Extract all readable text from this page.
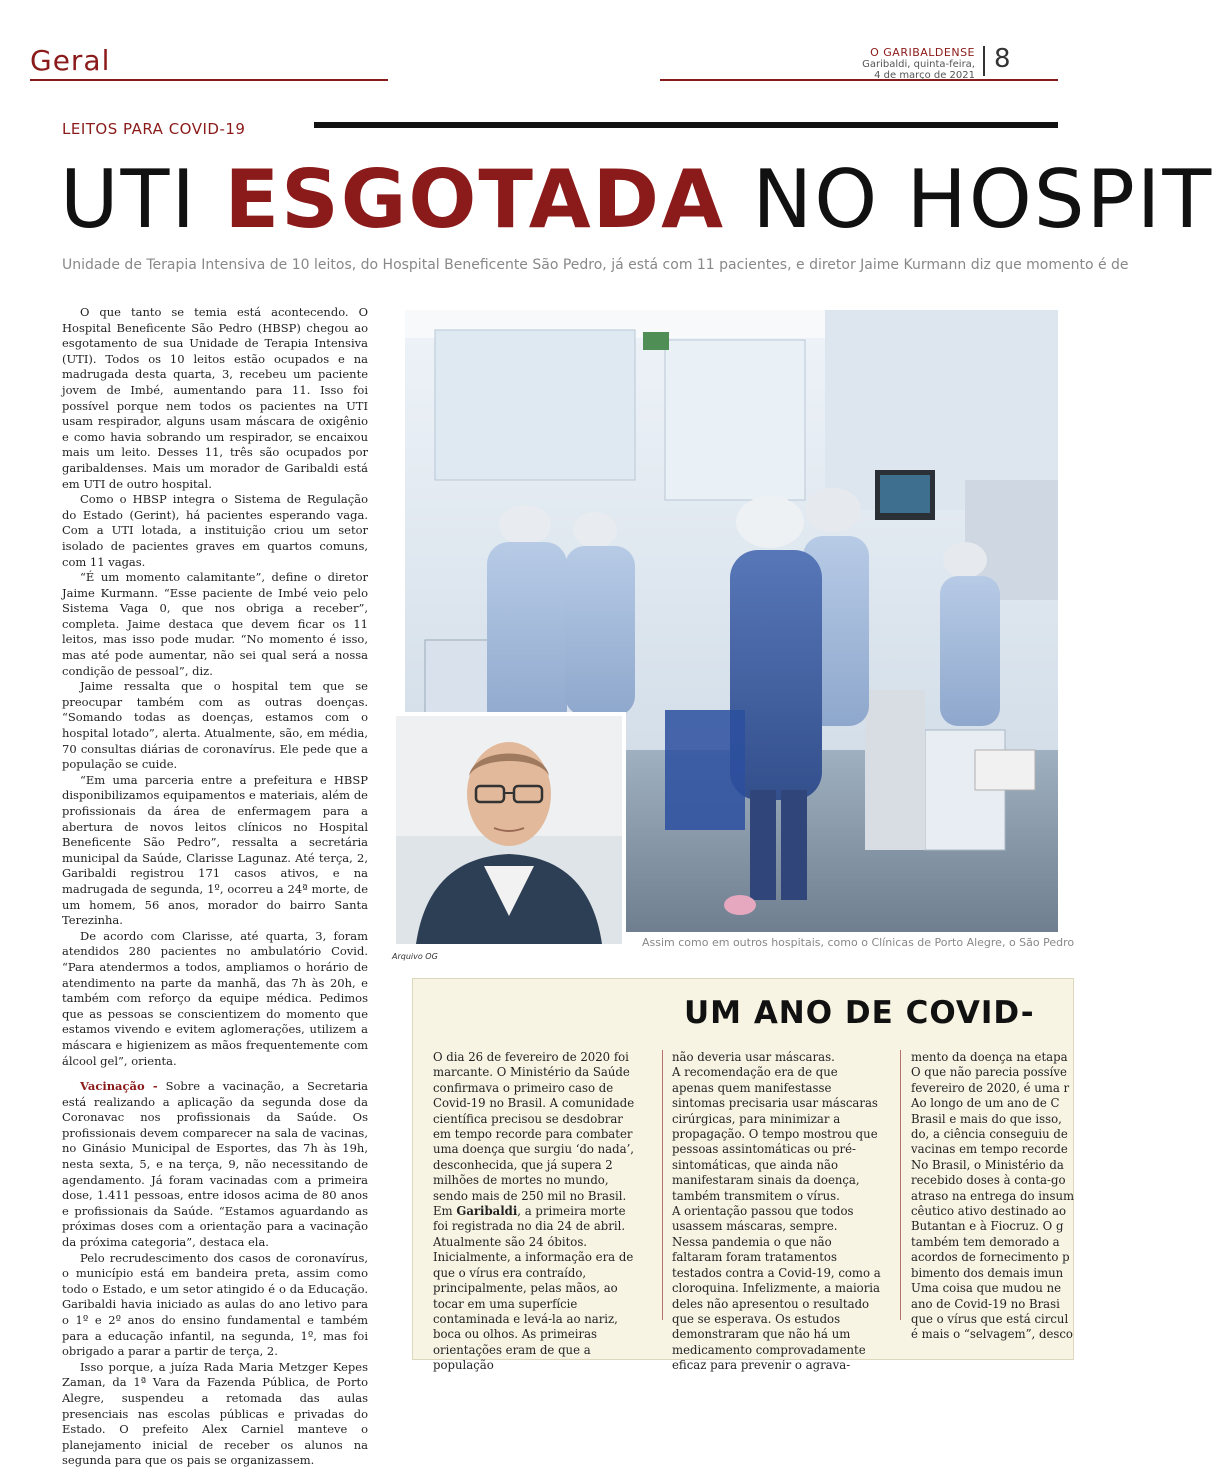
Geral	O GARIBALDENSE
Garibaldi, quinta-feira,
4 de março de 2021
8
LEITOS PARA COVID-19
UTI ESGOTADA NO HOSPIT
Unidade de Terapia Intensiva de 10 leitos, do Hospital Beneficente São Pedro, já está com 11 pacientes, e diretor Jaime Kurmann diz que momento é de

O que tanto se temia está acontecendo. O Hospital Beneficente São Pedro (HBSP) chegou ao esgotamento de sua Unidade de Terapia Intensiva (UTI). Todos os 10 leitos estão ocupados e na madrugada desta quarta, 3, recebeu um paciente jovem de Imbé, aumentando para 11. Isso foi possível porque nem todos os pacientes na UTI usam respirador, alguns usam máscara de oxigênio e como havia sobrando um respirador, se encaixou mais um leito. Desses 11, três são ocupados por garibaldenses. Mais um morador de Garibaldi está em UTI de outro hospital.

Como o HBSP integra o Sistema de Regulação do Estado (Gerint), há pacientes esperando vaga. Com a UTI lotada, a instituição criou um setor isolado de pacientes graves em quartos comuns, com 11 vagas.

“É um momento calamitante”, define o diretor Jaime Kurmann. “Esse paciente de Imbé veio pelo Sistema Vaga 0, que nos obriga a receber”, completa. Jaime destaca que devem ficar os 11 leitos, mas isso pode mudar. “No momento é isso, mas até pode aumentar, não sei qual será a nossa condição de pessoal”, diz.

Jaime ressalta que o hospital tem que se preocupar também com as outras doenças. “Somando todas as doenças, estamos com o hospital lotado”, alerta. Atualmente, são, em média, 70 consultas diárias de coronavírus. Ele pede que a população se cuide.

“Em uma parceria entre a prefeitura e HBSP disponibilizamos equipamentos e materiais, além de profissionais da área de enfermagem para a abertura de novos leitos clínicos no Hospital Beneficente São Pedro”, ressalta a secretária municipal da Saúde, Clarisse Lagunaz. Até terça, 2, Garibaldi registrou 171 casos ativos, e na madrugada de segunda, 1º, ocorreu a 24ª morte, de um homem, 56 anos, morador do bairro Santa Terezinha.

De acordo com Clarisse, até quarta, 3, foram atendidos 280 pacientes no ambulatório Covid. “Para atendermos a todos, ampliamos o horário de atendimento na parte da manhã, das 7h às 20h, e também com reforço da equipe médica. Pedimos que as pessoas se conscientizem do momento que estamos vivendo e evitem aglomerações, utilizem a máscara e higienizem as mãos frequentemente com álcool gel”, orienta.

Vacinação - Sobre a vacinação, a Secretaria está realizando a aplicação da segunda dose da Coronavac nos profissionais da Saúde. Os profissionais devem comparecer na sala de vacinas, no Ginásio Municipal de Esportes, das 7h às 19h, nesta sexta, 5, e na terça, 9, não necessitando de agendamento. Já foram vacinadas com a primeira dose, 1.411 pessoas, entre idosos acima de 80 anos e profissionais da Saúde. “Estamos aguardando as próximas doses com a orientação para a vacinação da próxima categoria”, destaca ela.

Pelo recrudescimento dos casos de coronavírus, o município está em bandeira preta, assim como todo o Estado, e um setor atingido é o da Educação. Garibaldi havia iniciado as aulas do ano letivo para o 1º e 2º anos do ensino fundamental e também para a educação infantil, na segunda, 1º, mas foi obrigado a parar a partir de terça, 2.

Isso porque, a juíza Rada Maria Metzger Kepes Zaman, da 1ª Vara da Fazenda Pública, de Porto Alegre, suspendeu a retomada das aulas presenciais nas escolas públicas e privadas do Estado. O prefeito Alex Carniel manteve o planejamento inicial de receber os alunos na segunda para que os pais se organizassem.

Arquivo OG
Assim como em outros hospitais, como o Clínicas de Porto Alegre, o São Pedro
UM ANO DE COVID-

O dia 26 de fevereiro de 2020 foi marcante. O Ministério da Saúde confirmava o primeiro caso de Covid-19 no Brasil. A comunidade científica precisou se desdobrar em tempo recorde para combater uma doença que surgiu ‘do nada’, desconhecida, que já supera 2 milhões de mortes no mundo, sendo mais de 250 mil no Brasil.

Em Garibaldi, a primeira morte foi registrada no dia 24 de abril. Atualmente são 24 óbitos.

Inicialmente, a informação era de que o vírus era contraído, principalmente, pelas mãos, ao tocar em uma superfície contaminada e levá-la ao nariz, boca ou olhos. As primeiras orientações eram de que a população

não deveria usar máscaras.

A recomendação era de que apenas quem manifestasse sintomas precisaria usar máscaras cirúrgicas, para minimizar a propagação. O tempo mostrou que pessoas assintomáticas ou pré-sintomáticas, que ainda não manifestaram sinais da doença, também transmitem o vírus.

A orientação passou que todos usassem máscaras, sempre.

Nessa pandemia o que não faltaram foram tratamentos testados contra a Covid-19, como a cloroquina. Infelizmente, a maioria deles não apresentou o resultado que se esperava. Os estudos demonstraram que não há um medicamento comprovadamente eficaz para prevenir o agrava-

mento da doença na etapa
O que não parecia possíve
fevereiro de 2020, é uma r
Ao longo de um ano de C
Brasil e mais do que isso,
do, a ciência conseguiu de
vacinas em tempo recorde
No Brasil, o Ministério da
recebido doses à conta-go
atraso na entrega do insum
cêutico ativo destinado ao
Butantan e à Fiocruz. O g
também tem demorado a
acordos de fornecimento p
bimento dos demais imun
Uma coisa que mudou ne
ano de Covid-19 no Brasi
que o vírus que está circul
é mais o “selvagem”, desco
